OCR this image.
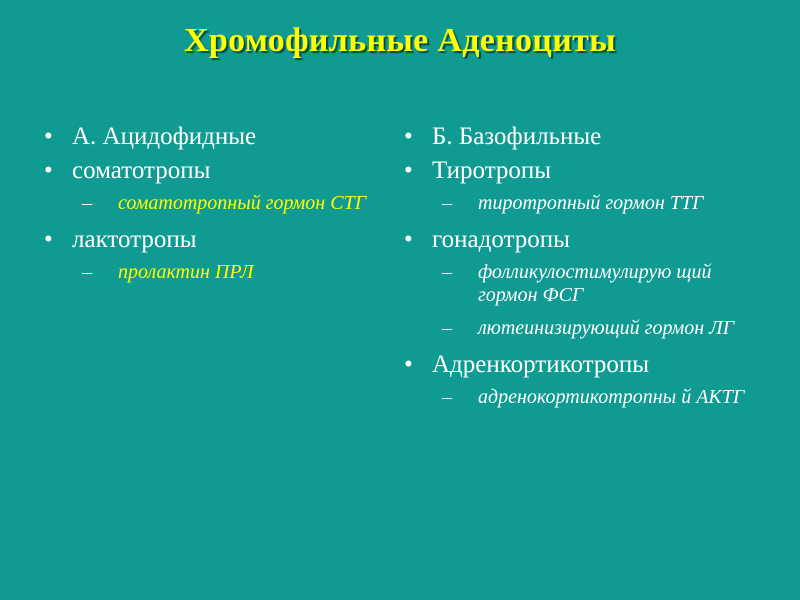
Хромофильные Аденоциты
• А. Ацидофидные
• соматотропы
– соматотропный гормон СТГ
• лактотропы
– пролактин ПРЛ
• Б. Базофильные
• Тиротропы
– тиротропный гормон ТТГ
• гонадотропы
– фолликулостимулирую щий гормон ФСГ
– лютеинизирующий гормон ЛГ
• Адренкортикотропы
– адренокортикотропны й АКТГ
